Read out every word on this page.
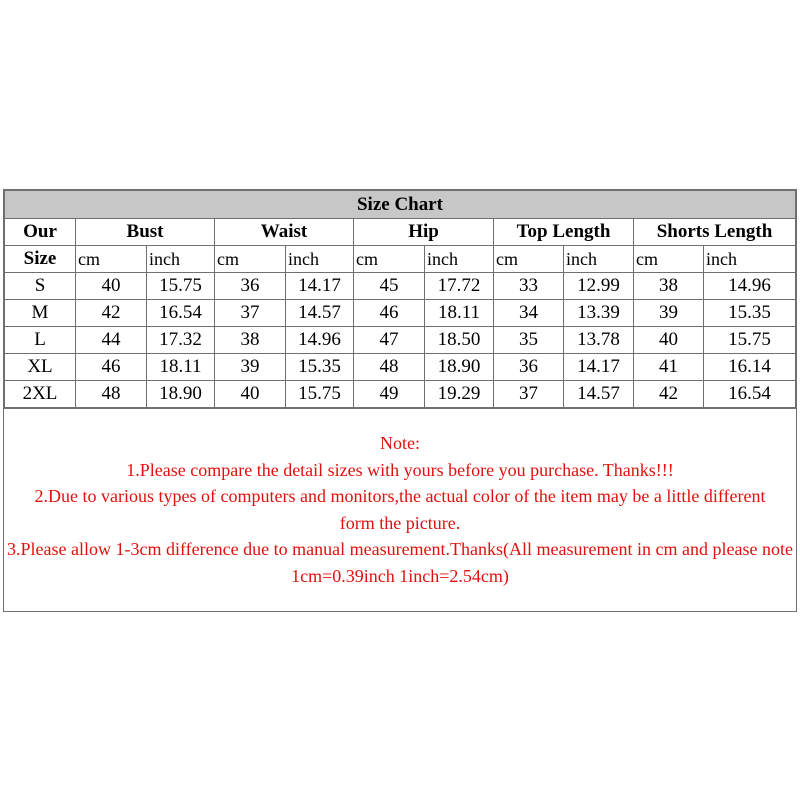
Size Chart										
Our	Bust		Waist		Hip		Top Length		Shorts Length	
Size	cm	inch	cm	inch	cm	inch	cm	inch	cm	inch
S	40	15.75	36	14.17	45	17.72	33	12.99	38	14.96
M	42	16.54	37	14.57	46	18.11	34	13.39	39	15.35
L	44	17.32	38	14.96	47	18.50	35	13.78	40	15.75
XL	46	18.11	39	15.35	48	18.90	36	14.17	41	16.14
2XL	48	18.90	40	15.75	49	19.29	37	14.57	42	16.54

Note:

1.Please compare the detail sizes with yours before you purchase. Thanks!!!

2.Due to various types of computers and monitors,the actual color of the item may be a little different form the picture.

3.Please allow 1-3cm difference due to manual measurement.Thanks(All measurement in cm and please note 1cm=0.39inch 1inch=2.54cm)
